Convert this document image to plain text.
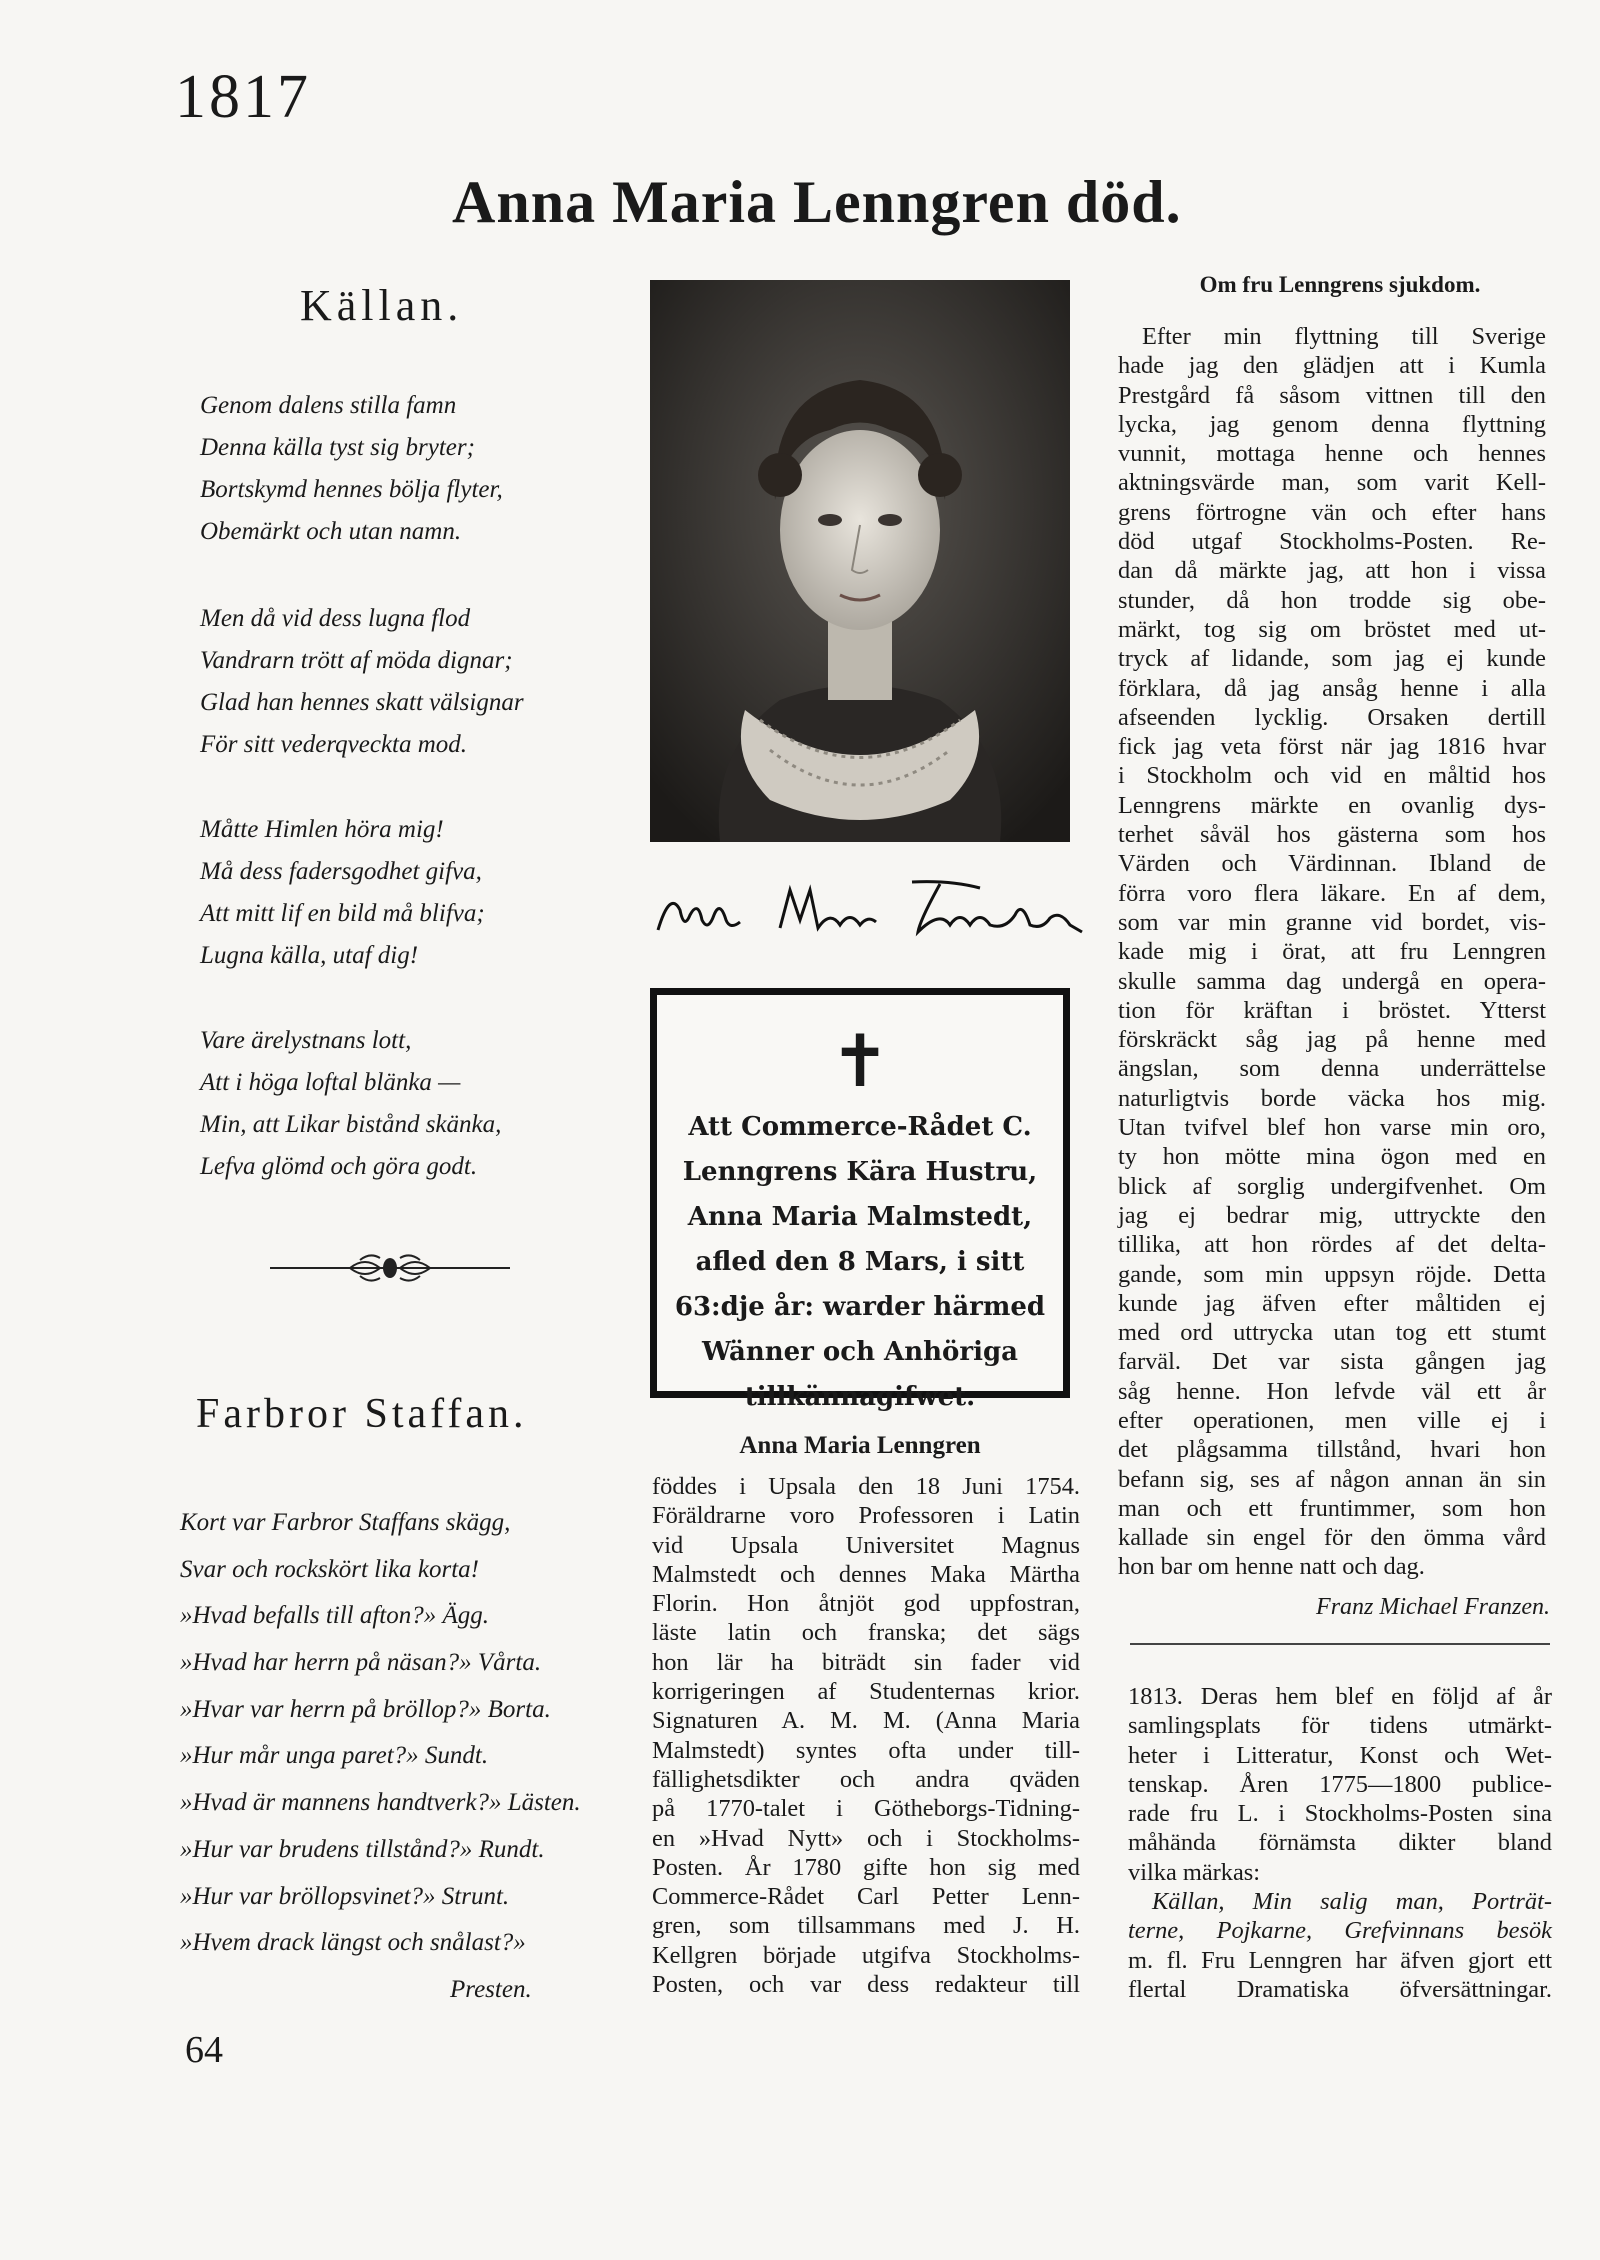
1817
Anna Maria Lenngren död.
Källan.
Genom dalens stilla famn
Denna källa tyst sig bryter;
Bortskymd hennes bölja flyter,
Obemärkt och utan namn.
Men då vid dess lugna flod
Vandrarn trött af möda dignar;
Glad han hennes skatt välsignar
För sitt vederqveckta mod.
Måtte Himlen höra mig!
Må dess fadersgodhet gifva,
Att mitt lif en bild må blifva;
Lugna källa, utaf dig!
Vare ärelystnans lott,
Att i höga loftal blänka —
Min, att Likar bistånd skänka,
Lefva glömd och göra godt.
Farbror Staffan.
Kort var Farbror Staffans skägg,
Svar och rockskört lika korta!
»Hvad befalls till afton?» Ägg.
»Hvad har herrn på näsan?» Vårta.
»Hvar var herrn på bröllop?» Borta.
»Hur mår unga paret?» Sundt.
»Hvad är mannens handtverk?» Lästen.
»Hur var brudens tillstånd?» Rundt.
»Hur var bröllopsvinet?» Strunt.
»Hvem drack längst och snålast?»
Presten.
64
✝
Att Commerce-Rådet C.
Lenngrens Kära Hustru,
Anna Maria Malmstedt,
afled den 8 Mars, i sitt
63:dje år: warder härmed
Wänner och Anhöriga
tillkännagifwet.
Anna Maria Lenngren
föddes i Upsala den 18 Juni 1754.
Föräldrarne voro Professoren i Latin
vid Upsala Universitet Magnus
Malmstedt och dennes Maka Märtha
Florin. Hon åtnjöt god uppfostran,
läste latin och franska; det sägs
hon lär ha biträdt sin fader vid
korrigeringen af Studenternas krior.
Signaturen A. M. M. (Anna Maria
Malmstedt) syntes ofta under till-
fällighetsdikter och andra qväden
på 1770-talet i Götheborgs-Tidning-
en »Hvad Nytt» och i Stockholms-
Posten. År 1780 gifte hon sig med
Commerce-Rådet Carl Petter Lenn-
gren, som tillsammans med J. H.
Kellgren började utgifva Stockholms-
Posten, och var dess redakteur till
Om fru Lenngrens sjukdom.
Efter min flyttning till Sverige
hade jag den glädjen att i Kumla
Prestgård få såsom vittnen till den
lycka, jag genom denna flyttning
vunnit, mottaga henne och hennes
aktningsvärde man, som varit Kell-
grens förtrogne vän och efter hans
död utgaf Stockholms-Posten. Re-
dan då märkte jag, att hon i vissa
stunder, då hon trodde sig obe-
märkt, tog sig om bröstet med ut-
tryck af lidande, som jag ej kunde
förklara, då jag ansåg henne i alla
afseenden lycklig. Orsaken dertill
fick jag veta först när jag 1816 hvar
i Stockholm och vid en måltid hos
Lenngrens märkte en ovanlig dys-
terhet såväl hos gästerna som hos
Värden och Värdinnan. Ibland de
förra voro flera läkare. En af dem,
som var min granne vid bordet, vis-
kade mig i örat, att fru Lenngren
skulle samma dag undergå en opera-
tion för kräftan i bröstet. Ytterst
förskräckt såg jag på henne med
ängslan, som denna underrättelse
naturligtvis borde väcka hos mig.
Utan tvifvel blef hon varse min oro,
ty hon mötte mina ögon med en
blick af sorglig undergifvenhet. Om
jag ej bedrar mig, uttryckte den
tillika, att hon rördes af det delta-
gande, som min uppsyn röjde. Detta
kunde jag äfven efter måltiden ej
med ord uttrycka utan tog ett stumt
farväl. Det var sista gången jag
såg henne. Hon lefvde väl ett år
efter operationen, men ville ej i
det plågsamma tillstånd, hvari hon
befann sig, ses af någon annan än sin
man och ett fruntimmer, som hon
kallade sin engel för den ömma vård
hon bar om henne natt och dag.
Franz Michael Franzen.
1813. Deras hem blef en följd af år
samlingsplats för tidens utmärkt-
heter i Litteratur, Konst och Wet-
tenskap. Åren 1775—1800 publice-
rade fru L. i Stockholms-Posten sina
måhända förnämsta dikter bland
vilka märkas:
Källan, Min salig man, Porträt-
terne, Pojkarne, Grefvinnans besök
m. fl. Fru Lenngren har äfven gjort ett
flertal Dramatiska öfversättningar.
